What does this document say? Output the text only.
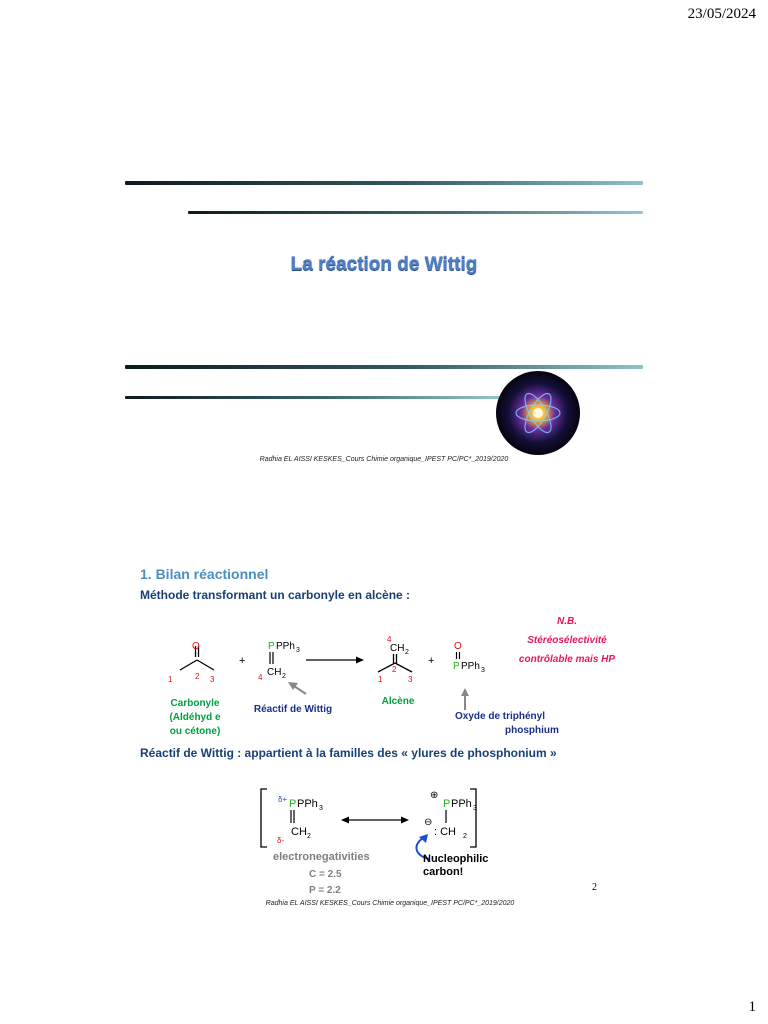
23/05/2024
La réaction de Wittig
Radhia EL AISSI KESKES_Cours Chimie organique_IPEST PC/PC*_2019/2020
1. Bilan réactionnel
Méthode transformant un carbonyle en alcène :
N.B.
Stéréosélectivité
contrôlable mais HP
O
1	2 3
+
P PPh 3
CH 2
4
4
CH 2
2
1	3
+
O
P PPh 3
Carbonyle
(Aldéhyd e
ou cétone)
Réactif de Wittig
Alcène
Oxyde de triphényl
phosphium
Réactif de Wittig : appartient à la familles des « ylures de phosphonium »
δ+ P PPh 3
CH 2
δ-
⊕
P PPh 3
⊖
: CH 2
electronegativities
C = 2.5
P = 2.2
Nucleophilic
carbon!
2
Radhia EL AISSI KESKES_Cours Chimie organique_IPEST PC/PC*_2019/2020
1
